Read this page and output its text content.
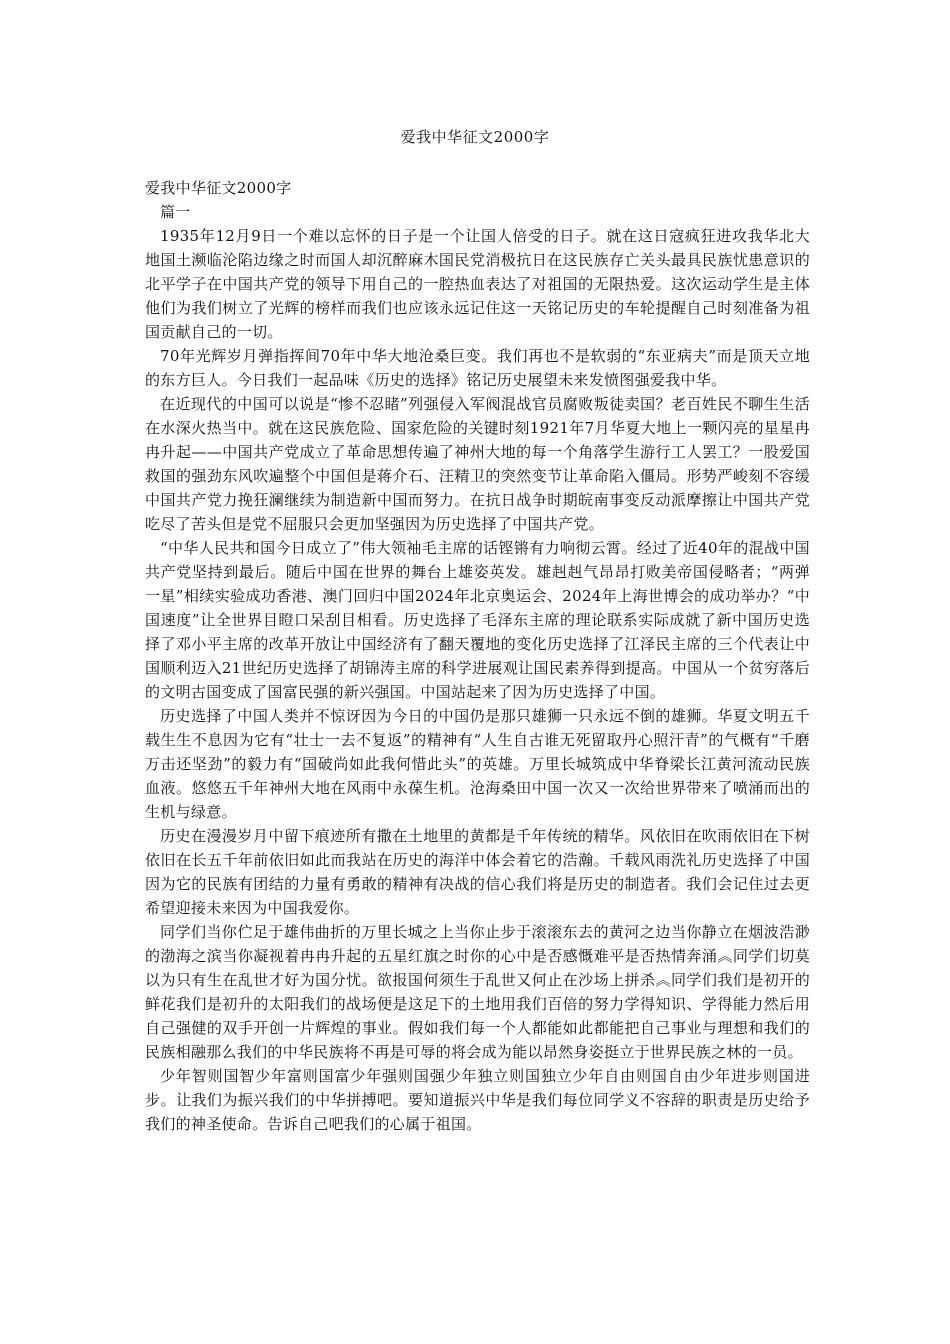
爱我中华征文2000字

爱我中华征文2000字

篇一

1935年12月9日一个难以忘怀的日子是一个让国人倍受的日子。就在这日寇疯狂进攻我华北大地国土濒临沦陷边缘之时而国人却沉醉麻木国民党消极抗日在这民族存亡关头最具民族忧患意识的北平学子在中国共产党的领导下用自己的一腔热血表达了对祖国的无限热爱。这次运动学生是主体他们为我们树立了光辉的榜样而我们也应该永远记住这一天铭记历史的车轮提醒自己时刻准备为祖国贡献自己的一切。

70年光辉岁月弹指挥间70年中华大地沧桑巨变。我们再也不是软弱的“东亚病夫”而是顶天立地的东方巨人。今日我们一起品味《历史的选择》铭记历史展望未来发愤图强爱我中华。

在近现代的中国可以说是“惨不忍睹”列强侵入军阀混战官员腐败叛徒卖国？老百姓民不聊生生活在水深火热当中。就在这民族危险、国家危险的关键时刻1921年7月华夏大地上一颗闪亮的星星冉冉升起——中国共产党成立了革命思想传遍了神州大地的每一个角落学生游行工人罢工？一股爱国救国的强劲东风吹遍整个中国但是蒋介石、汪精卫的突然变节让革命陷入僵局。形势严峻刻不容缓中国共产党力挽狂澜继续为制造新中国而努力。在抗日战争时期皖南事变反动派摩擦让中国共产党吃尽了苦头但是党不屈服只会更加坚强因为历史选择了中国共产党。

“中华人民共和国今日成立了”伟大领袖毛主席的话铿锵有力响彻云霄。经过了近40年的混战中国共产党坚持到最后。随后中国在世界的舞台上雄姿英发。雄赳赳气昂昂打败美帝国侵略者；“两弹一星”相续实验成功香港、澳门回归中国2024年北京奥运会、2024年上海世博会的成功举办？“中国速度”让全世界目瞪口呆刮目相看。历史选择了毛泽东主席的理论联系实际成就了新中国历史选择了邓小平主席的改革开放让中国经济有了翻天覆地的变化历史选择了江泽民主席的三个代表让中国顺利迈入21世纪历史选择了胡锦涛主席的科学进展观让国民素养得到提高。中国从一个贫穷落后的文明古国变成了国富民强的新兴强国。中国站起来了因为历史选择了中国。

历史选择了中国人类并不惊讶因为今日的中国仍是那只雄狮一只永远不倒的雄狮。华夏文明五千载生生不息因为它有“壮士一去不复返”的精神有“人生自古谁无死留取丹心照汗青”的气概有“千磨万击还坚劲”的毅力有“国破尚如此我何惜此头”的英雄。万里长城筑成中华脊梁长江黄河流动民族血液。悠悠五千年神州大地在风雨中永葆生机。沧海桑田中国一次又一次给世界带来了喷涌而出的生机与绿意。

历史在漫漫岁月中留下痕迹所有撒在土地里的黄都是千年传统的精华。风依旧在吹雨依旧在下树依旧在长五千年前依旧如此而我站在历史的海洋中体会着它的浩瀚。千载风雨洗礼历史选择了中国因为它的民族有团结的力量有勇敢的精神有决战的信心我们将是历史的制造者。我们会记住过去更希望迎接未来因为中国我爱你。

同学们当你伫足于雄伟曲折的万里长城之上当你止步于滚滚东去的黄河之边当你静立在烟波浩渺的渤海之滨当你凝视着冉冉升起的五星红旗之时你的心中是否感慨难平是否热情奔涌︽同学们切莫以为只有生在乱世才好为国分忧。欲报国何须生于乱世又何止在沙场上拼杀︽同学们我们是初开的鲜花我们是初升的太阳我们的战场便是这足下的土地用我们百倍的努力学得知识、学得能力然后用自己强健的双手开创一片辉煌的事业。假如我们每一个人都能如此都能把自己事业与理想和我们的民族相融那么我们的中华民族将不再是可辱的将会成为能以昂然身姿挺立于世界民族之林的一员。

少年智则国智少年富则国富少年强则国强少年独立则国独立少年自由则国自由少年进步则国进步。让我们为振兴我们的中华拼搏吧。要知道振兴中华是我们每位同学义不容辞的职责是历史给予我们的神圣使命。告诉自己吧我们的心属于祖国。
